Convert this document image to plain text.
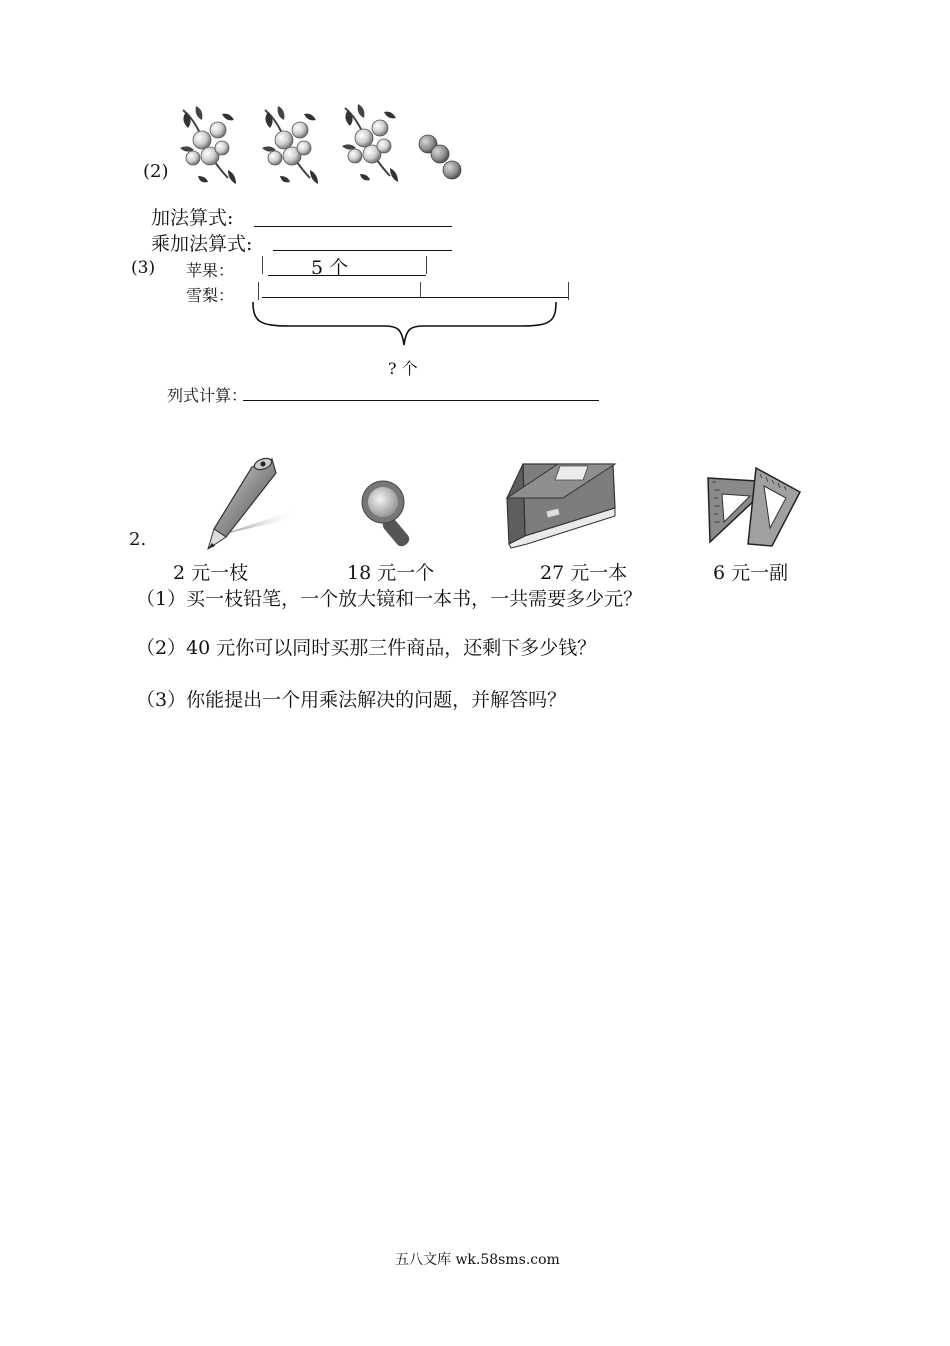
(2)
加法算式:
乘加法算式:
(3) 苹果：	5 个
雪梨：
? 个
列式计算：
2.
2 元一枝	18 元一个	27 元一本	6 元一副
（1）买一枝铅笔，一个放大镜和一本书，一共需要多少元？
（2）40 元你可以同时买那三件商品，还剩下多少钱？
（3）你能提出一个用乘法解决的问题，并解答吗？
五八文库 wk.58sms.com
